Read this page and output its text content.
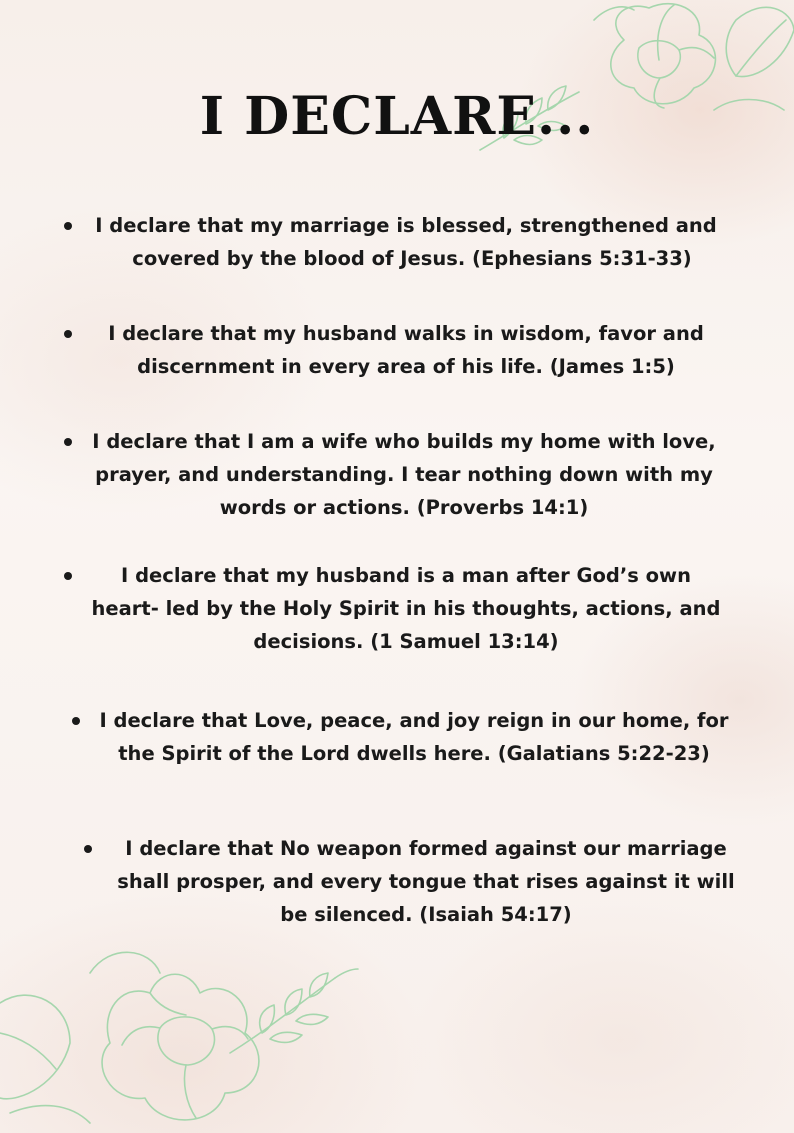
I DECLARE...

I declare that my marriage is blessed, strengthened and
covered by the blood of Jesus. (Ephesians 5:31-33)

I declare that my husband walks in wisdom, favor and
discernment in every area of his life. (James 1:5)

I declare that I am a wife who builds my home with love,
prayer, and understanding. I tear nothing down with my
words or actions. (Proverbs 14:1)

I declare that my husband is a man after God’s own
heart- led by the Holy Spirit in his thoughts, actions, and
decisions. (1 Samuel 13:14)

I declare that Love, peace, and joy reign in our home, for
the Spirit of the Lord dwells here. (Galatians 5:22-23)

I declare that No weapon formed against our marriage
shall prosper, and every tongue that rises against it will
be silenced. (Isaiah 54:17)
